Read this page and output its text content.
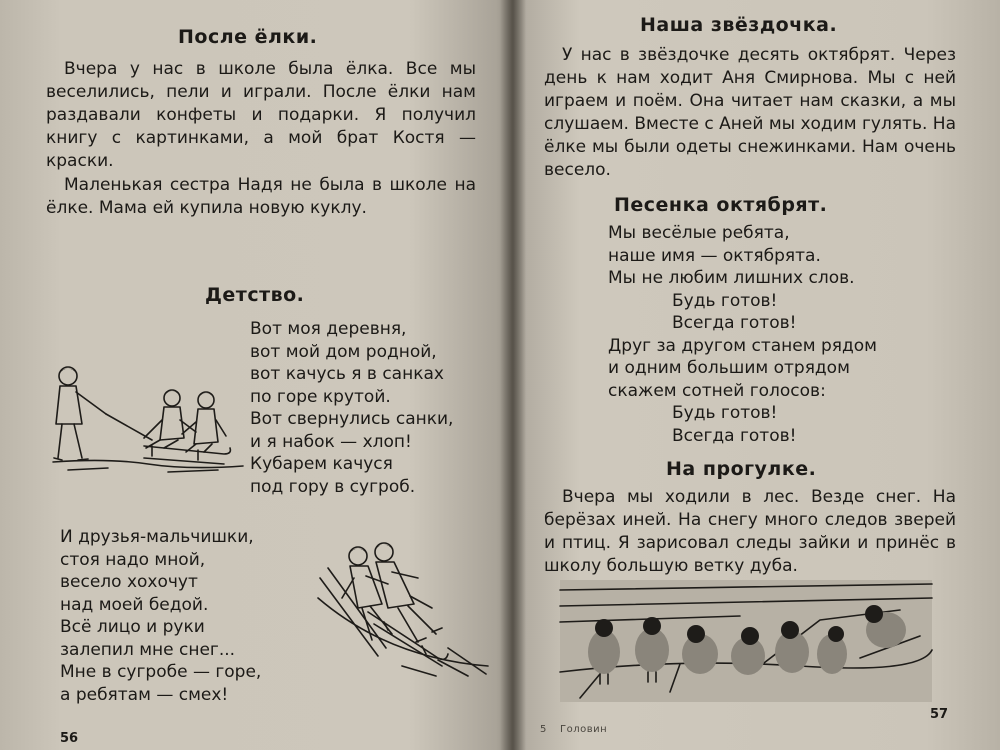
После ёлки.

Вчера у нас в школе была ёлка. Все мы веселились, пели и играли. После ёлки нам раздавали конфеты и подарки. Я получил книгу с картинками, а мой брат Костя — краски.

Маленькая сестра Надя не была в школе на ёлке. Мама ей купила новую куклу.

Детство.
Вот моя деревня,
вот мой дом родной,
вот качусь я в санках
по горе крутой.
Вот свернулись санки,
и я набок — хлоп!
Кубарем качуся
под гору в сугроб.
И друзья-мальчишки,
стоя надо мной,
весело хохочут
над моей бедой.
Всё лицо и руки
залепил мне снег...
Мне в сугробе — горе,
а ребятам — смех!
56
Наша звёздочка.

У нас в звёздочке десять октябрят. Через день к нам ходит Аня Смирнова. Мы с ней играем и поём. Она читает нам сказки, а мы слушаем. Вместе с Аней мы ходим гулять. На ёлке мы были одеты снежинками. Нам очень весело.

Песенка октябрят.
Мы весёлые ребята,
наше имя — октябрята.
Мы не любим лишних слов.
Будь готов!
Всегда готов!
Друг за другом станем рядом
и одним большим отрядом
скажем сотней голосов:
Будь готов!
Всегда готов!
На прогулке.

Вчера мы ходили в лес. Везде снег. На берёзах иней. На снегу много следов зверей и птиц. Я зарисовал следы зайки и принёс в школу большую ветку дуба.

5 Головин
57
